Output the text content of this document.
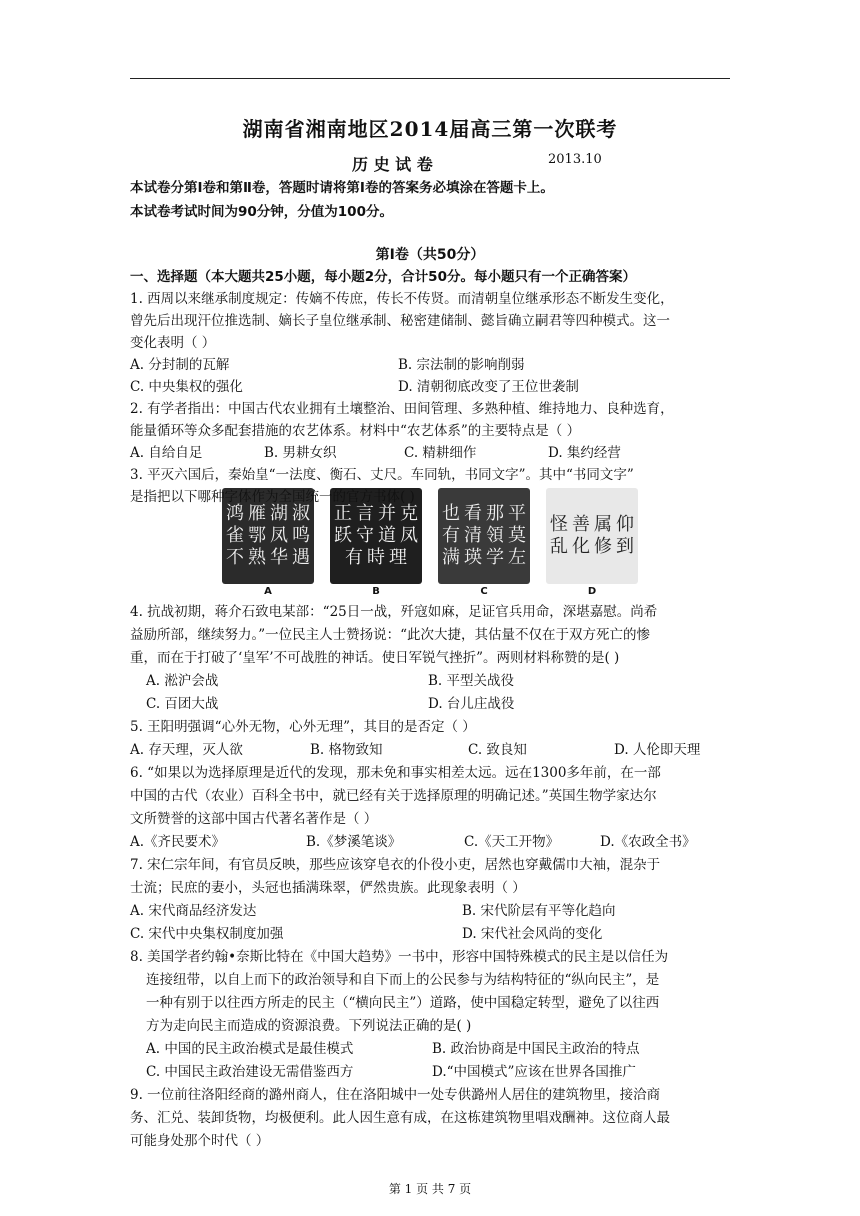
湖南省湘南地区2014届高三第一次联考
历 史 试 卷	2013.10
本试卷分第Ⅰ卷和第Ⅱ卷，答题时请将第Ⅰ卷的答案务必填涂在答题卡上。
本试卷考试时间为90分钟，分值为100分。
第Ⅰ卷（共50分）
一、选择题（本大题共25小题，每小题2分，合计50分。每小题只有一个正确答案）
1. 西周以来继承制度规定：传嫡不传庶，传长不传贤。而清朝皇位继承形态不断发生变化，
曾先后出现汗位推选制、嫡长子皇位继承制、秘密建储制、懿旨确立嗣君等四种模式。这一
变化表明（ ）
A. 分封制的瓦解	B. 宗法制的影响削弱
C. 中央集权的强化	D. 清朝彻底改变了王位世袭制
2. 有学者指出：中国古代农业拥有土壤整治、田间管理、多熟种植、维持地力、良种选育，
能量循环等众多配套措施的农艺体系。材料中“农艺体系”的主要特点是（ ）
A. 自给自足	B. 男耕女织	C. 精耕细作	D. 集约经营
3. 平灭六国后，秦始皇“一法度、衡石、丈尺。车同轨，书同文字”。其中“书同文字”
鸿 雁 湖 淑
雀 鄂 凤 鸣
不 熟 华 遇
A
正 言 并 克
跃 守 道 凤
有 時 理
B
也 看 那 平
有 清 領 莫
满 瑛 学 左
C
怪 善 属 仰
乱 化 修 到
D
4. 抗战初期，蒋介石致电某部：“25日一战，歼寇如麻，足证官兵用命，深堪嘉慰。尚希
益励所部，继续努力。”一位民主人士赞扬说：“此次大捷，其估量不仅在于双方死亡的惨
重，而在于打破了‘皇军’不可战胜的神话。使日军锐气挫折”。两则材料称赞的是( )
A. 淞沪会战	B. 平型关战役
C. 百团大战	D. 台儿庄战役
5. 王阳明强调“心外无物，心外无理”，其目的是否定（ ）
A. 存天理，灭人欲	B. 格物致知	C. 致良知	D. 人伦即天理
6. “如果以为选择原理是近代的发现，那未免和事实相差太远。远在1300多年前，在一部
中国的古代（农业）百科全书中，就已经有关于选择原理的明确记述。”英国生物学家达尔
文所赞誉的这部中国古代著名著作是（ ）
A.《齐民要术》	B.《梦溪笔谈》	C.《天工开物》	D.《农政全书》
7. 宋仁宗年间，有官员反映，那些应该穿皂衣的仆役小吏，居然也穿戴儒巾大袖，混杂于
士流；民庶的妻小，头冠也插满珠翠，俨然贵族。此现象表明（ ）
A. 宋代商品经济发达	B. 宋代阶层有平等化趋向
C. 宋代中央集权制度加强	D. 宋代社会风尚的变化
8. 美国学者约翰•奈斯比特在《中国大趋势》一书中，形容中国特殊模式的民主是以信任为
连接纽带，以自上而下的政治领导和自下而上的公民参与为结构特征的“纵向民主”，是
一种有别于以往西方所走的民主（“横向民主”）道路，使中国稳定转型，避免了以往西
方为走向民主而造成的资源浪费。下列说法正确的是( )
A. 中国的民主政治模式是最佳模式	B. 政治协商是中国民主政治的特点
C. 中国民主政治建设无需借鉴西方	D.“中国模式”应该在世界各国推广
9. 一位前往洛阳经商的潞州商人，住在洛阳城中一处专供潞州人居住的建筑物里，接洽商
第 1 页 共 7 页
是指把以下哪种字体作为全国统一的官方书体( )
务、汇兑、装卸货物，均极便利。此人因生意有成，在这栋建筑物里唱戏酬神。这位商人最
可能身处那个时代（ ）
